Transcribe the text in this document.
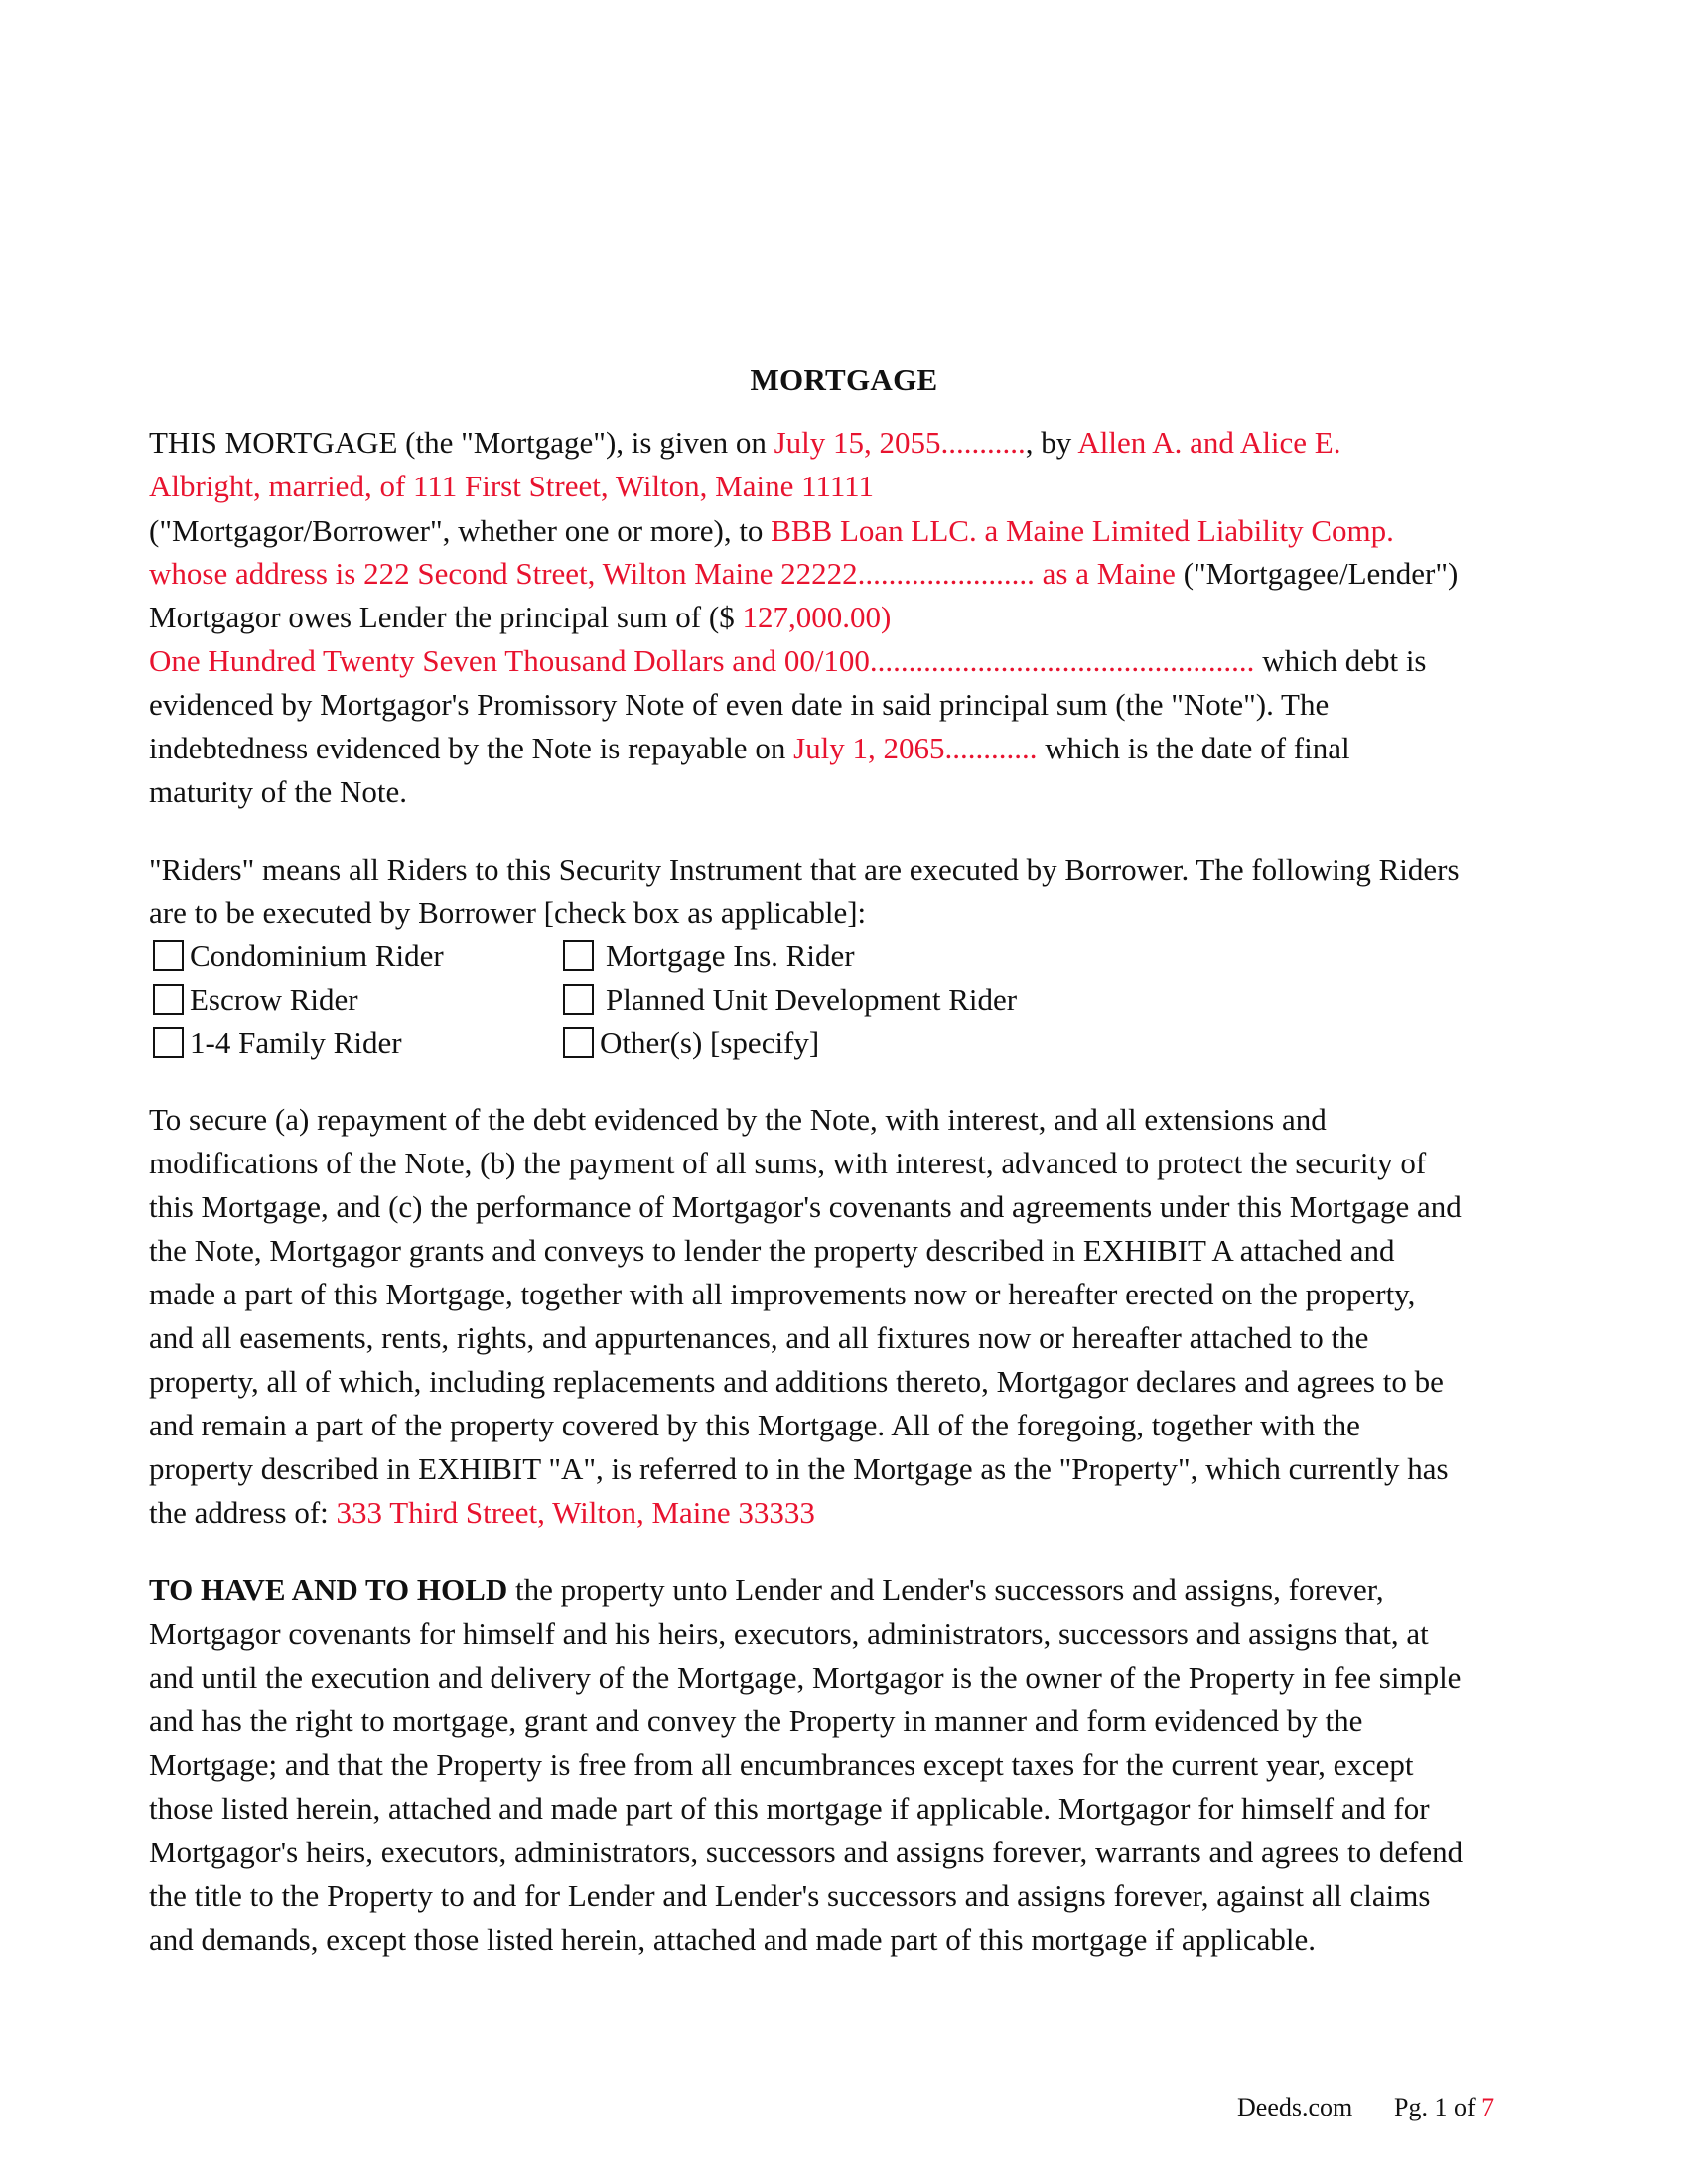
MORTGAGE
THIS MORTGAGE (the "Mortgage"), is given on July 15, 2055..........., by Allen A. and Alice E.
Albright, married, of 111 First Street, Wilton, Maine 11111
("Mortgagor/Borrower", whether one or more), to BBB Loan LLC. a Maine Limited Liability Comp.
whose address is 222 Second Street, Wilton Maine 22222....................... as a Maine ("Mortgagee/Lender")
Mortgagor owes Lender the principal sum of ($ 127,000.00)
One Hundred Twenty Seven Thousand Dollars and 00/100.................................................. which debt is
evidenced by Mortgagor's Promissory Note of even date in said principal sum (the "Note"). The
indebtedness evidenced by the Note is repayable on July 1, 2065............ which is the date of final
maturity of the Note.
"Riders" means all Riders to this Security Instrument that are executed by Borrower. The following Riders
are to be executed by Borrower [check box as applicable]:
Condominium Rider
Escrow Rider
1-4 Family Rider
Mortgage Ins. Rider
Planned Unit Development Rider
Other(s) [specify]
To secure (a) repayment of the debt evidenced by the Note, with interest, and all extensions and
modifications of the Note, (b) the payment of all sums, with interest, advanced to protect the security of
this Mortgage, and (c) the performance of Mortgagor's covenants and agreements under this Mortgage and
the Note, Mortgagor grants and conveys to lender the property described in EXHIBIT A attached and
made a part of this Mortgage, together with all improvements now or hereafter erected on the property,
and all easements, rents, rights, and appurtenances, and all fixtures now or hereafter attached to the
property, all of which, including replacements and additions thereto, Mortgagor declares and agrees to be
and remain a part of the property covered by this Mortgage. All of the foregoing, together with the
property described in EXHIBIT "A", is referred to in the Mortgage as the "Property", which currently has
the address of: 333 Third Street, Wilton, Maine 33333
TO HAVE AND TO HOLD the property unto Lender and Lender's successors and assigns, forever,
Mortgagor covenants for himself and his heirs, executors, administrators, successors and assigns that, at
and until the execution and delivery of the Mortgage, Mortgagor is the owner of the Property in fee simple
and has the right to mortgage, grant and convey the Property in manner and form evidenced by the
Mortgage; and that the Property is free from all encumbrances except taxes for the current year, except
those listed herein, attached and made part of this mortgage if applicable. Mortgagor for himself and for
Mortgagor's heirs, executors, administrators, successors and assigns forever, warrants and agrees to defend
the title to the Property to and for Lender and Lender's successors and assigns forever, against all claims
and demands, except those listed herein, attached and made part of this mortgage if applicable.
Deeds.com Pg. 1 of 7
